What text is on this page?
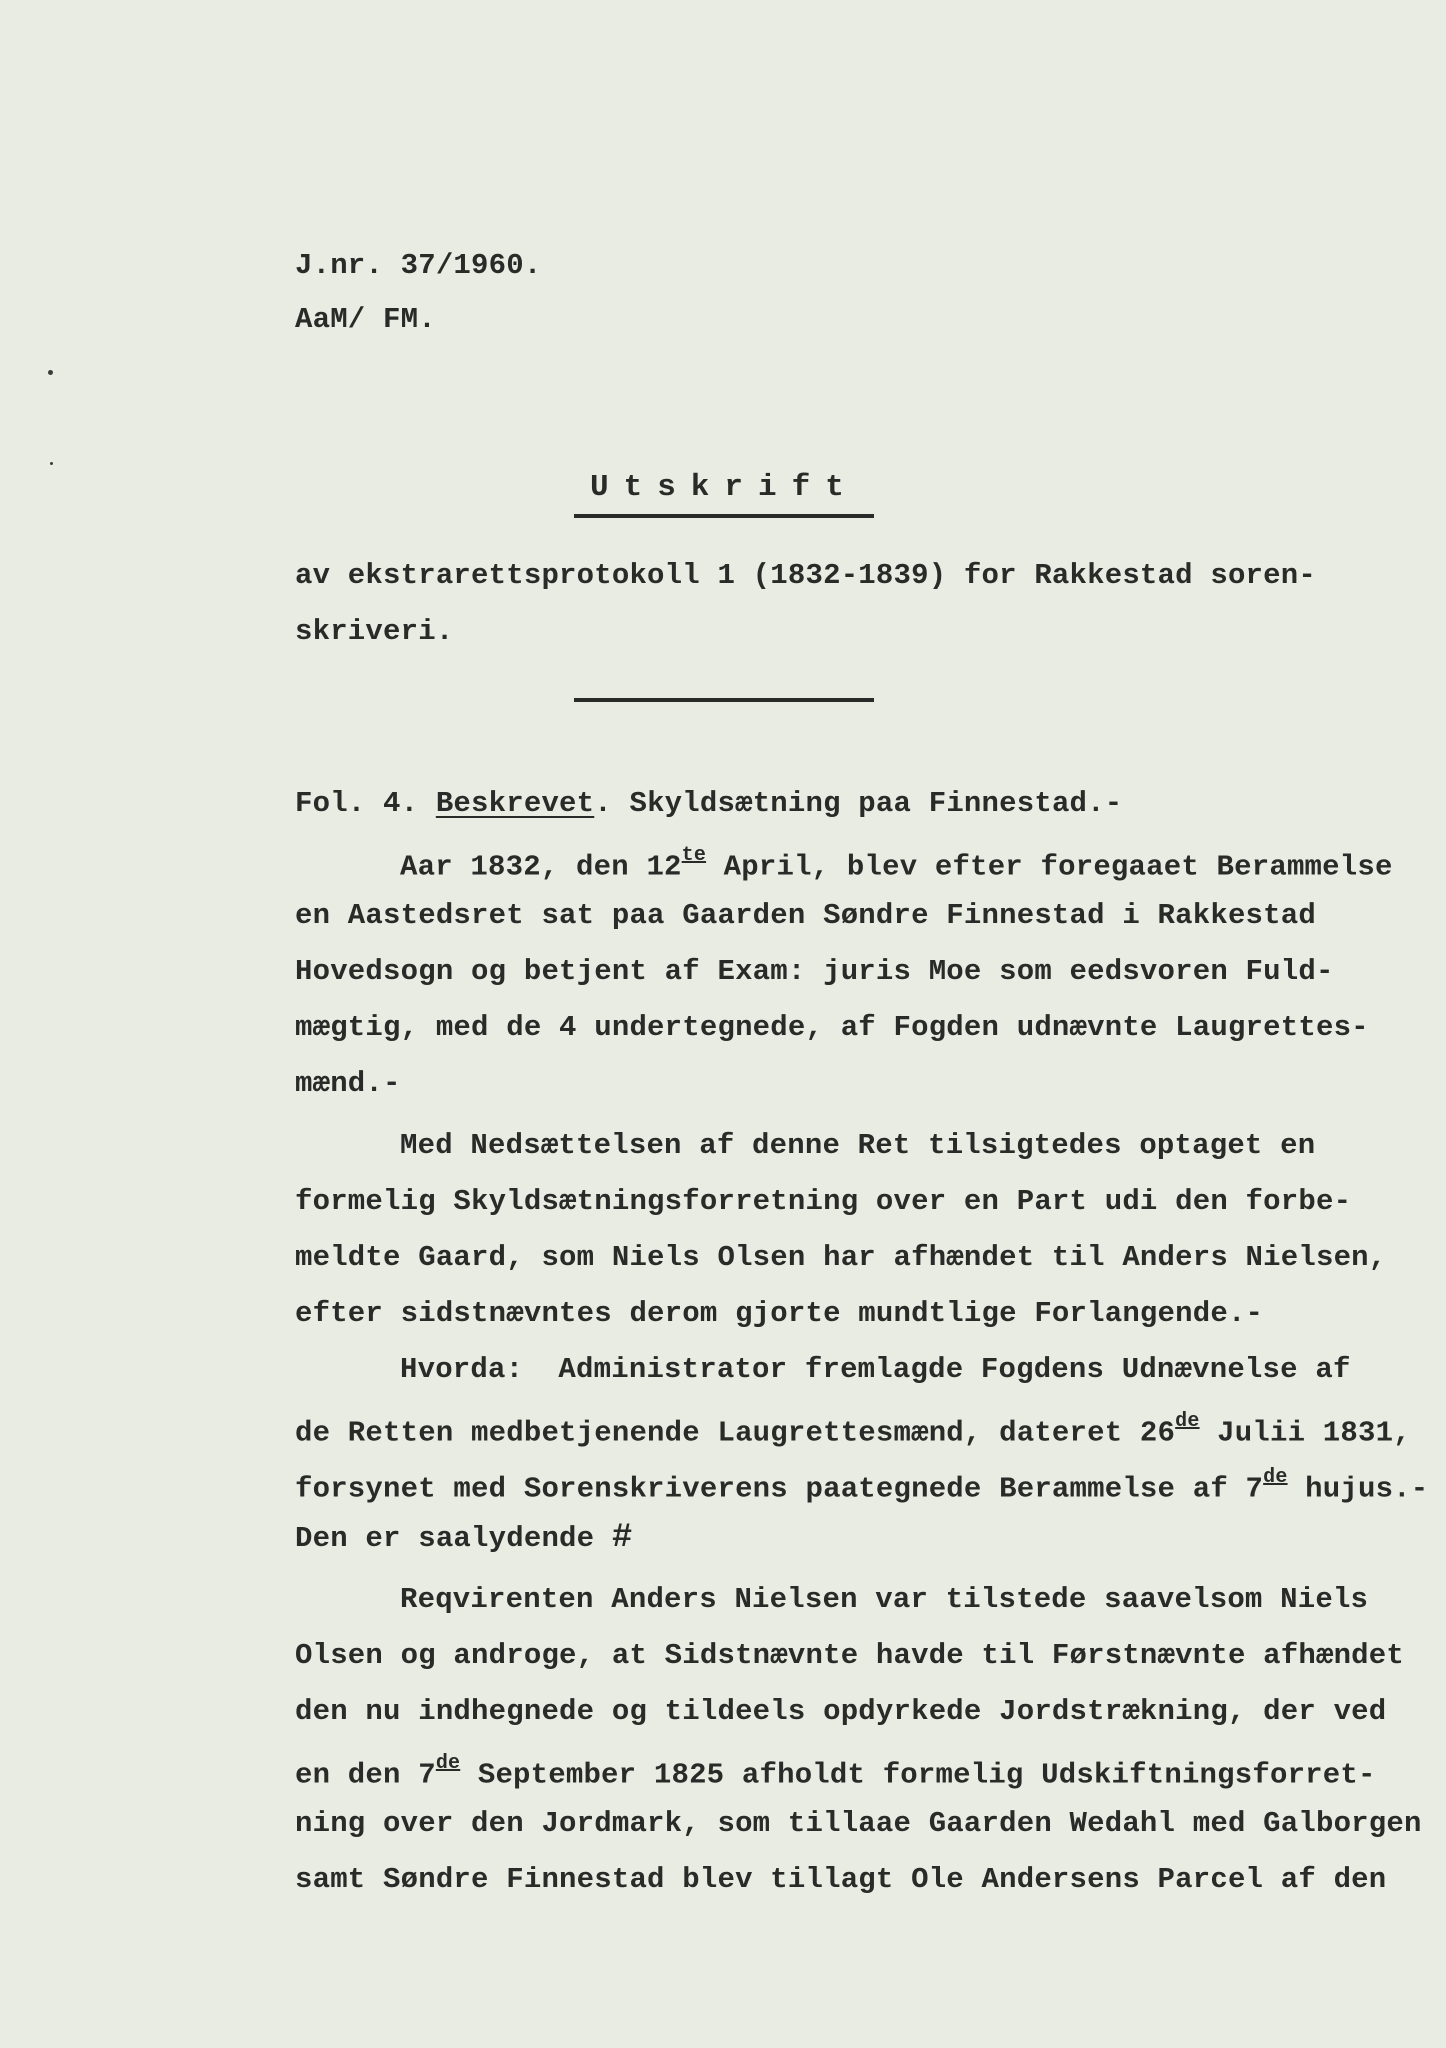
J.nr. 37/1960.
AaM/ FM.
Utskrift
av ekstrarettsprotokoll 1 (1832-1839) for Rakkestad soren-
skriveri.
Fol. 4. Beskrevet. Skyldsætning paa Finnestad.-
Aar 1832, den $12^{te}$ April, blev efter foregaaet Berammelse
en Aastedsret sat paa Gaarden Søndre Finnestad i Rakkestad
Hovedsogn og betjent af Exam: juris Moe som eedsvoren Fuld-
mægtig, med de 4 undertegnede, af Fogden udnævnte Laugrettes-
mænd.-
Med Nedsættelsen af denne Ret tilsigtedes optaget en
formelig Skyldsætningsforretning over en Part udi den forbe-
meldte Gaard, som Niels Olsen har afhændet til Anders Nielsen,
efter sidstnævntes derom gjorte mundtlige Forlangende.-
Hvorda:  Administrator fremlagde Fogdens Udnævnelse af
de Retten medbetjenende Laugrettesmænd, dateret 26de Julii 1831,
forsynet med Sorenskriverens paategnede Berammelse af 7de hujus.-
Den er saalydende #
Reqvirenten Anders Nielsen var tilstede saavelsom Niels
Olsen og androge, at Sidstnævnte havde til Førstnævnte afhændet
den nu indhegnede og tildeels opdyrkede Jordstrækning, der ved
en den 7de September 1825 afholdt formelig Udskiftningsforret-
ning over den Jordmark, som tillaae Gaarden Wedahl med Galborgen
samt Søndre Finnestad blev tillagt Ole Andersens Parcel af den
